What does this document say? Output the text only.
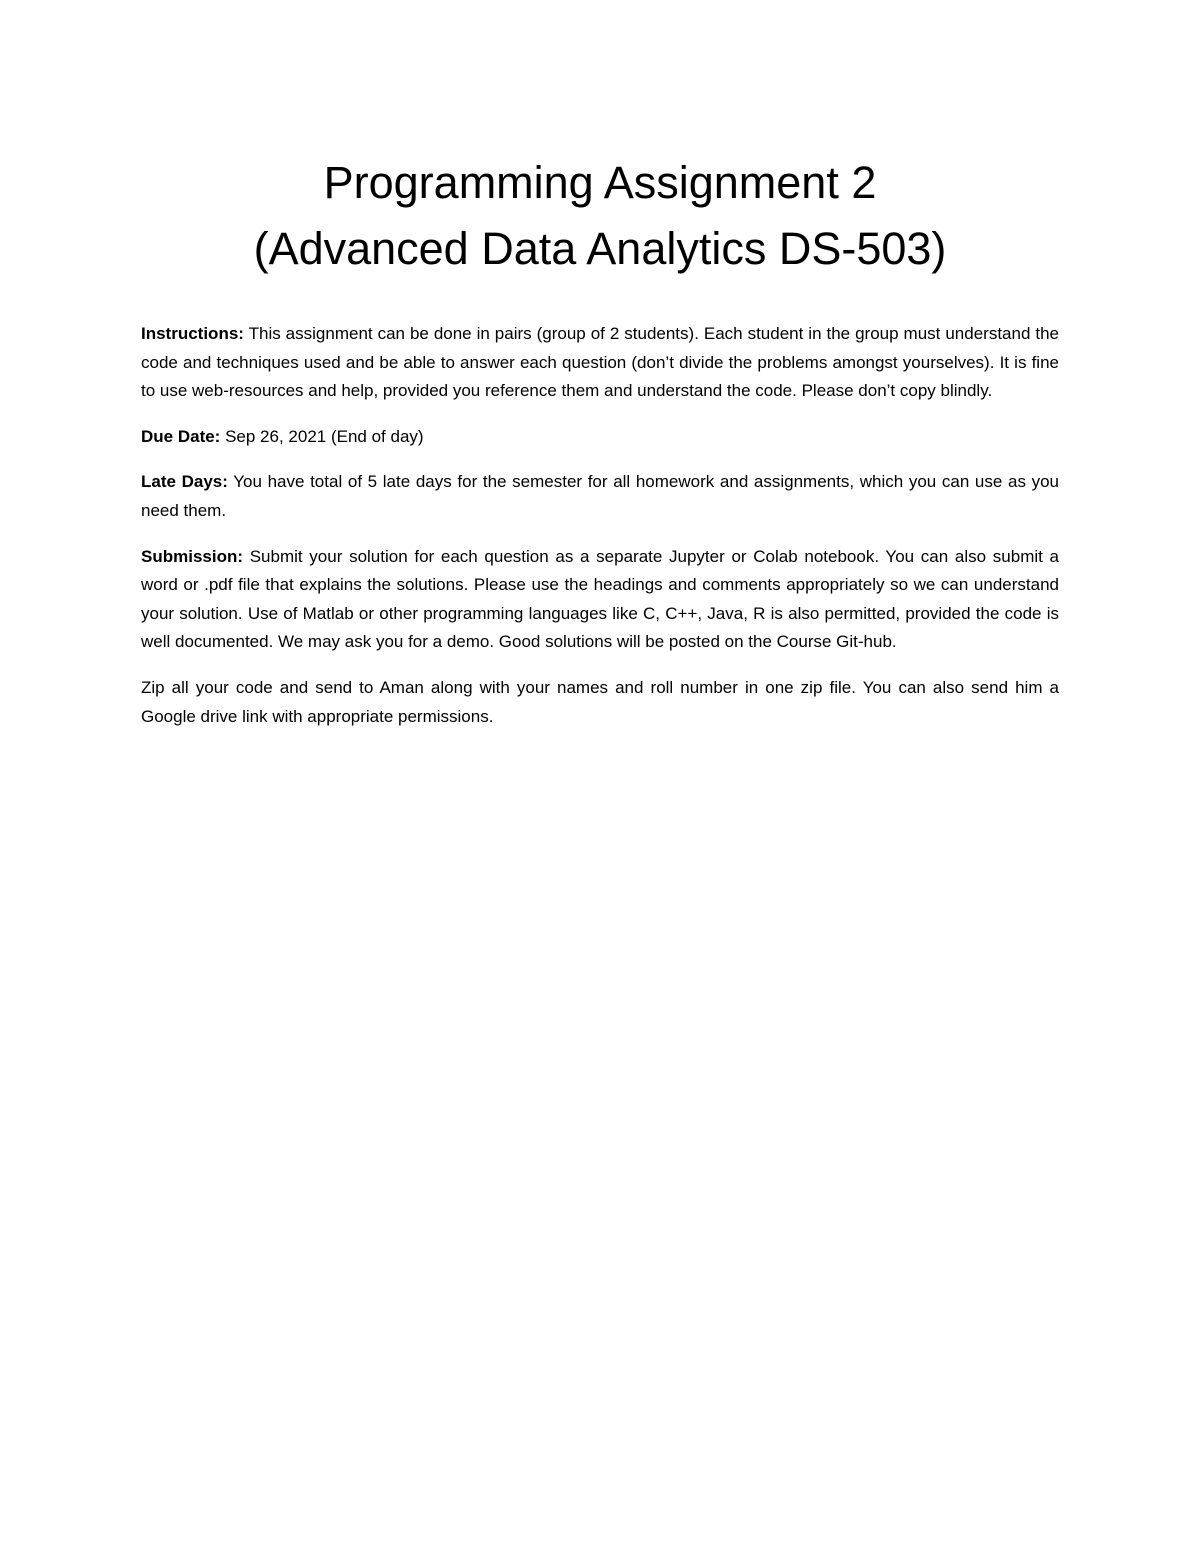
Programming Assignment 2
(Advanced Data Analytics DS-503)

Instructions: This assignment can be done in pairs (group of 2 students). Each student in the group must understand the code and techniques used and be able to answer each question (don’t divide the problems amongst yourselves). It is fine to use web-resources and help, provided you reference them and understand the code. Please don’t copy blindly.

Due Date: Sep 26, 2021 (End of day)

Late Days: You have total of 5 late days for the semester for all homework and assignments, which you can use as you need them.

Submission: Submit your solution for each question as a separate Jupyter or Colab notebook. You can also submit a word or .pdf file that explains the solutions. Please use the headings and comments appropriately so we can understand your solution. Use of Matlab or other programming languages like C, C++, Java, R is also permitted, provided the code is well documented. We may ask you for a demo. Good solutions will be posted on the Course Git-hub.

Zip all your code and send to Aman along with your names and roll number in one zip file. You can also send him a Google drive link with appropriate permissions.
